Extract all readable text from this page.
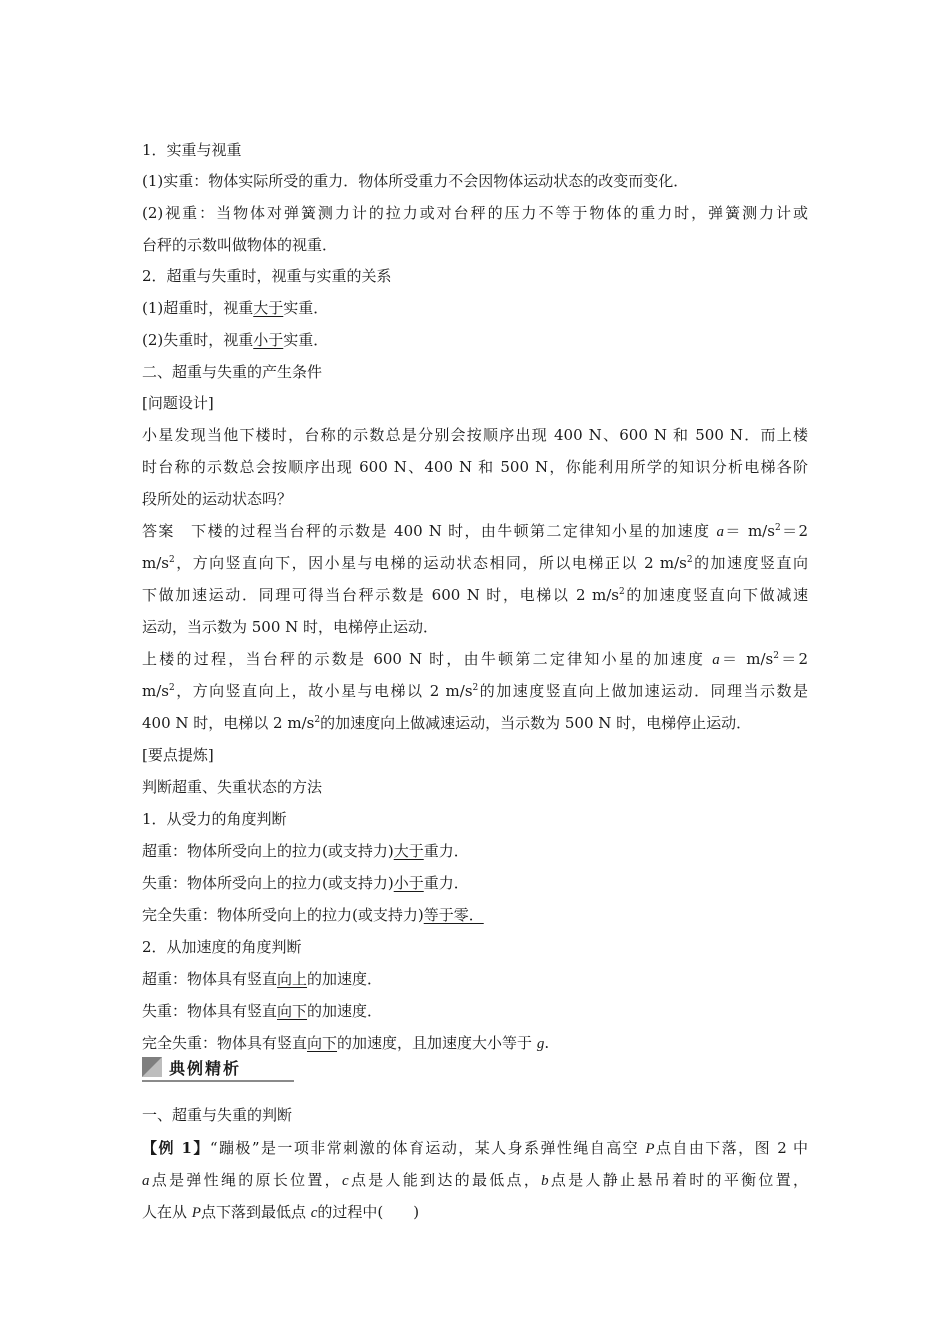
1．实重与视重
(1)实重：物体实际所受的重力．物体所受重力不会因物体运动状态的改变而变化．
(2)视重：当物体对弹簧测力计的拉力或对台秤的压力不等于物体的重力时，弹簧测力计或
台秤的示数叫做物体的视重．
2．超重与失重时，视重与实重的关系
(1)超重时，视重大于实重．
(2)失重时，视重小于实重．
二、超重与失重的产生条件
[问题设计]
小星发现当他下楼时，台称的示数总是分别会按顺序出现 400 N、600 N 和 500 N．而上楼
时台称的示数总会按顺序出现 600 N、400 N 和 500 N，你能利用所学的知识分析电梯各阶
段所处的运动状态吗？
答案　下楼的过程当台秤的示数是 400 N 时，由牛顿第二定律知小星的加速度 $a= m/s^2=2$
$m/s^2$，方向竖直向下，因小星与电梯的运动状态相同，所以电梯正以 2 $m/s^2$的加速度竖直向
下做加速运动．同理可得当台秤示数是 600 N 时，电梯以 2 $m/s^2$的加速度竖直向下做减速
运动，当示数为 500 N 时，电梯停止运动．
上楼的过程，当台秤的示数是 600 N 时，由牛顿第二定律知小星的加速度 $a= m/s^2=2$
$m/s^2$，方向竖直向上，故小星与电梯以 2 $m/s^2$的加速度竖直向上做加速运动．同理当示数是
400 N 时，电梯以 2 $m/s^2$的加速度向上做减速运动，当示数为 500 N 时，电梯停止运动．
[要点提炼]
判断超重、失重状态的方法
1．从受力的角度判断
超重：物体所受向上的拉力(或支持力)大于重力．
失重：物体所受向上的拉力(或支持力)小于重力．
完全失重：物体所受向上的拉力(或支持力)等于零．
2．从加速度的角度判断
超重：物体具有竖直向上的加速度．
失重：物体具有竖直向下的加速度．
完全失重：物体具有竖直向下的加速度，且加速度大小等于 g.
典例精析
一、超重与失重的判断
【例 1】“蹦极”是一项非常刺激的体育运动，某人身系弹性绳自高空 P点自由下落，图 2 中
a点是弹性绳的原长位置，c点是人能到达的最低点，b点是人静止悬吊着时的平衡位置，
人在从 P点下落到最低点 c的过程中(　　)
